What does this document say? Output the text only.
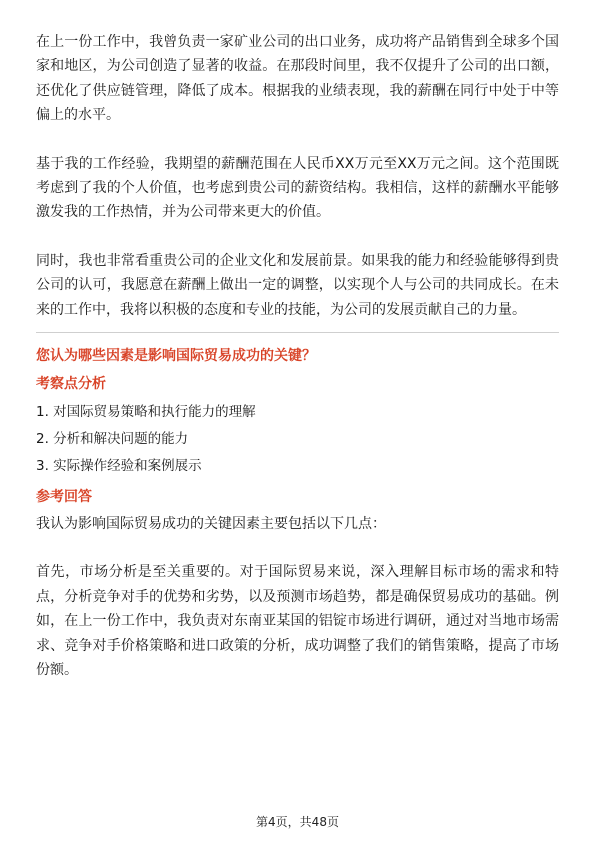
在上一份工作中，我曾负责一家矿业公司的出口业务，成功将产品销售到全球多个国家和地区，为公司创造了显著的收益。在那段时间里，我不仅提升了公司的出口额，还优化了供应链管理，降低了成本。根据我的业绩表现，我的薪酬在同行中处于中等偏上的水平。

基于我的工作经验，我期望的薪酬范围在人民币XX万元至XX万元之间。这个范围既考虑到了我的个人价值，也考虑到贵公司的薪资结构。我相信，这样的薪酬水平能够激发我的工作热情，并为公司带来更大的价值。

同时，我也非常看重贵公司的企业文化和发展前景。如果我的能力和经验能够得到贵公司的认可，我愿意在薪酬上做出一定的调整，以实现个人与公司的共同成长。在未来的工作中，我将以积极的态度和专业的技能，为公司的发展贡献自己的力量。

您认为哪些因素是影响国际贸易成功的关键？

考察点分析

1. 对国际贸易策略和执行能力的理解

2. 分析和解决问题的能力

3. 实际操作经验和案例展示

参考回答

我认为影响国际贸易成功的关键因素主要包括以下几点：

首先，市场分析是至关重要的。对于国际贸易来说，深入理解目标市场的需求和特点，分析竞争对手的优势和劣势，以及预测市场趋势，都是确保贸易成功的基础。例如，在上一份工作中，我负责对东南亚某国的铝锭市场进行调研，通过对当地市场需求、竞争对手价格策略和进口政策的分析，成功调整了我们的销售策略，提高了市场份额。

第4页，共48页
